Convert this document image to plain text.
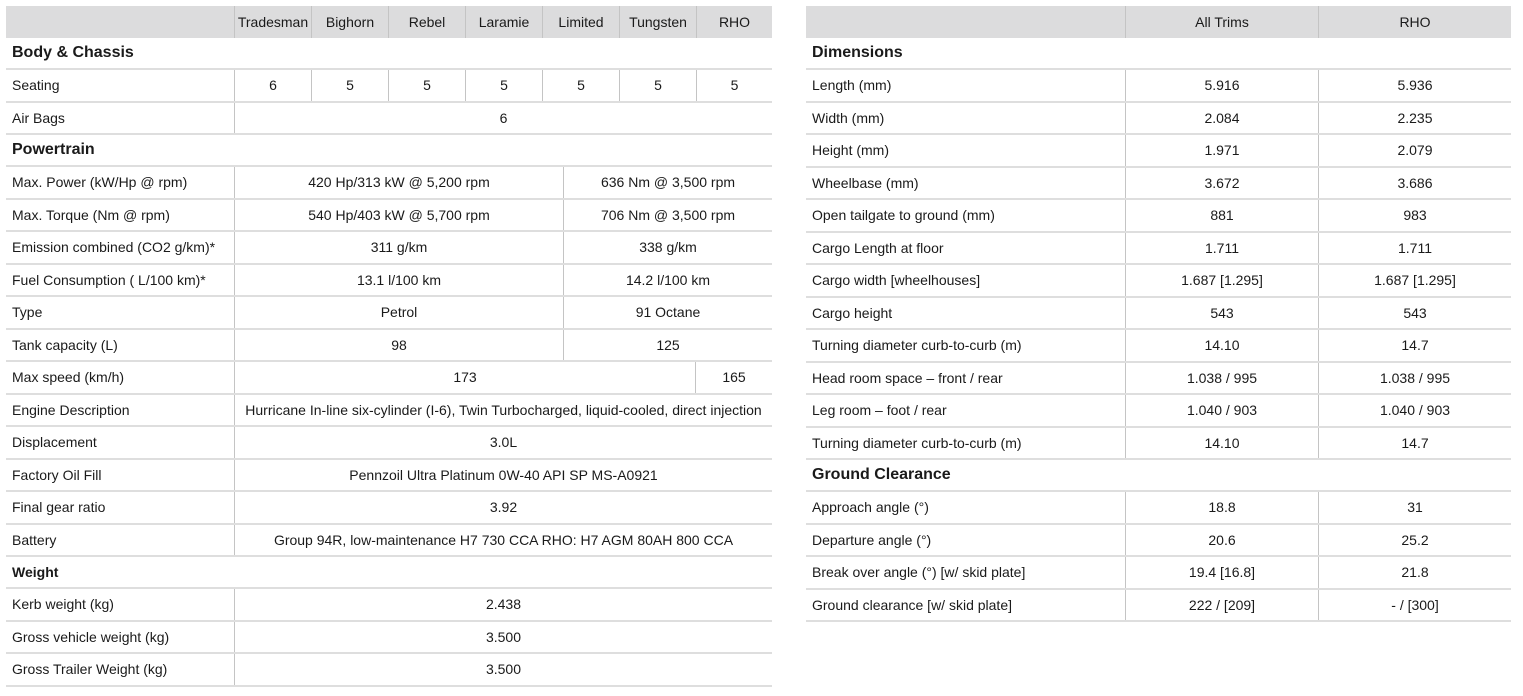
Tradesman	Bighorn	Rebel	Laramie	Limited	Tungsten	RHO
Body & Chassis
Seating	6	5	5	5	5	5	5
Air Bags	6
Powertrain
Max. Power (kW/Hp @ rpm)	420 Hp/313 kW @ 5,200 rpm	636 Nm @ 3,500 rpm
Max. Torque (Nm @ rpm)	540 Hp/403 kW @ 5,700 rpm	706 Nm @ 3,500 rpm
Emission combined (CO2 g/km)*	311 g/km	338 g/km
Fuel Consumption ( L/100 km)*	13.1 l/100 km	14.2 l/100 km
Type	Petrol	91 Octane
Tank capacity (L)	98	125
Max speed (km/h)	173	165
Engine Description	Hurricane In-line six-cylinder (I-6), Twin Turbocharged, liquid-cooled, direct injection
Displacement	3.0L
Factory Oil Fill	Pennzoil Ultra Platinum 0W-40 API SP MS-A0921
Final gear ratio	3.92
Battery	Group 94R, low-maintenance H7 730 CCA RHO: H7 AGM 80AH 800 CCA
Weight
Kerb weight (kg)	2.438
Gross vehicle weight (kg)	3.500
Gross Trailer Weight (kg)	3.500
All Trims	RHO
Dimensions
Length (mm)	5.916	5.936
Width (mm)	2.084	2.235
Height (mm)	1.971	2.079
Wheelbase (mm)	3.672	3.686
Open tailgate to ground (mm)	881	983
Cargo Length at floor	1.711	1.711
Cargo width [wheelhouses]	1.687 [1.295]	1.687 [1.295]
Cargo height	543	543
Turning diameter curb-to-curb (m)	14.10	14.7
Head room space – front / rear	1.038 / 995	1.038 / 995
Leg room – foot / rear	1.040 / 903	1.040 / 903
Turning diameter curb-to-curb (m)	14.10	14.7
Ground Clearance
Approach angle (°)	18.8	31
Departure angle (°)	20.6	25.2
Break over angle (°) [w/ skid plate]	19.4 [16.8]	21.8
Ground clearance [w/ skid plate]	222 / [209]	- / [300]
